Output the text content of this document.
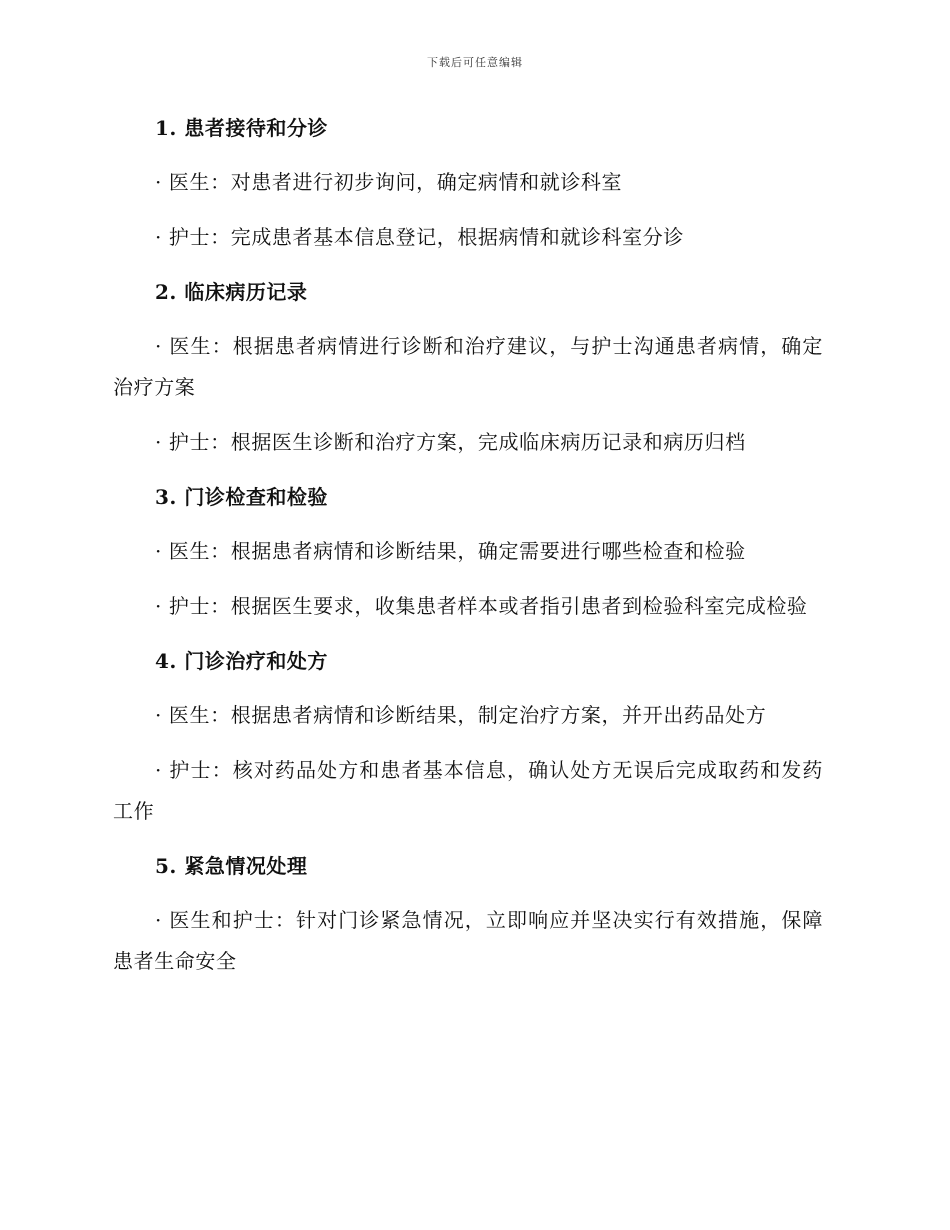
下载后可任意编辑

1. 患者接待和分诊

· 医生：对患者进行初步询问，确定病情和就诊科室

· 护士：完成患者基本信息登记，根据病情和就诊科室分诊

2. 临床病历记录

· 医生：根据患者病情进行诊断和治疗建议，与护士沟通患者病情，确定治疗方案

· 护士：根据医生诊断和治疗方案，完成临床病历记录和病历归档

3. 门诊检查和检验

· 医生：根据患者病情和诊断结果，确定需要进行哪些检查和检验

· 护士：根据医生要求，收集患者样本或者指引患者到检验科室完成检验

4. 门诊治疗和处方

· 医生：根据患者病情和诊断结果，制定治疗方案，并开出药品处方

· 护士：核对药品处方和患者基本信息，确认处方无误后完成取药和发药工作

5. 紧急情况处理

· 医生和护士：针对门诊紧急情况，立即响应并坚决实行有效措施，保障患者生命安全
